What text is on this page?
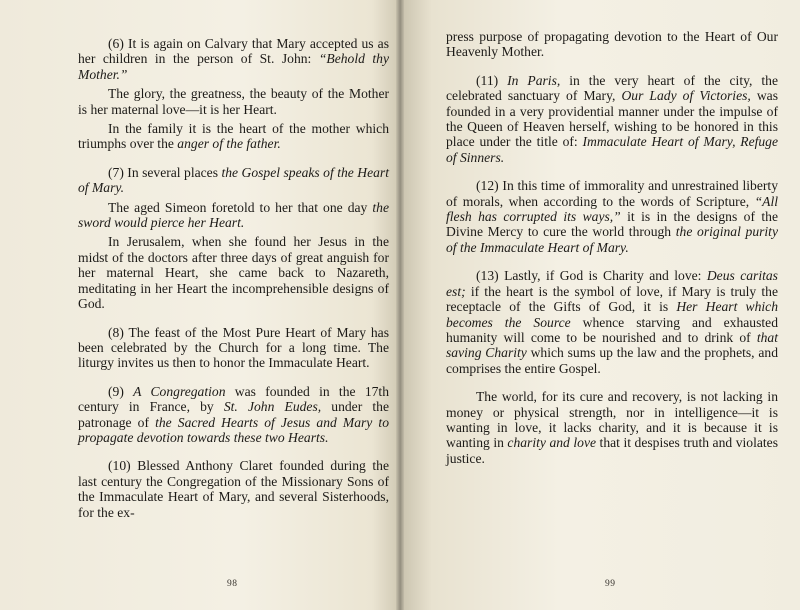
(6) It is again on Calvary that Mary accepted us as her children in the person of St. John: “Behold thy Mother.”

The glory, the greatness, the beauty of the Mother is her maternal love—it is her Heart.

In the family it is the heart of the mother which triumphs over the anger of the father.

(7) In several places the Gospel speaks of the Heart of Mary.

The aged Simeon foretold to her that one day the sword would pierce her Heart.

In Jerusalem, when she found her Jesus in the midst of the doctors after three days of great anguish for her maternal Heart, she came back to Nazareth, meditating in her Heart the incomprehensible designs of God.

(8) The feast of the Most Pure Heart of Mary has been celebrated by the Church for a long time. The liturgy invites us then to honor the Immaculate Heart.

(9) A Congregation was founded in the 17th century in France, by St. John Eudes, under the patronage of the Sacred Hearts of Jesus and Mary to propagate devotion towards these two Hearts.

(10) Blessed Anthony Claret founded during the last century the Congregation of the Missionary Sons of the Immaculate Heart of Mary, and several Sisterhoods, for the ex-

98

press purpose of propagating devotion to the Heart of Our Heavenly Mother.

(11) In Paris, in the very heart of the city, the celebrated sanctuary of Mary, Our Lady of Victories, was founded in a very providential manner under the impulse of the Queen of Heaven herself, wishing to be honored in this place under the title of: Immaculate Heart of Mary, Refuge of Sinners.

(12) In this time of immorality and unrestrained liberty of morals, when according to the words of Scripture, “All flesh has corrupted its ways,” it is in the designs of the Divine Mercy to cure the world through the original purity of the Immaculate Heart of Mary.

(13) Lastly, if God is Charity and love: Deus caritas est; if the heart is the symbol of love, if Mary is truly the receptacle of the Gifts of God, it is Her Heart which becomes the Source whence starving and exhausted humanity will come to be nourished and to drink of that saving Charity which sums up the law and the prophets, and comprises the entire Gospel.

The world, for its cure and recovery, is not lacking in money or physical strength, nor in intelligence—it is wanting in love, it lacks charity, and it is because it is wanting in charity and love that it despises truth and violates justice.

99
